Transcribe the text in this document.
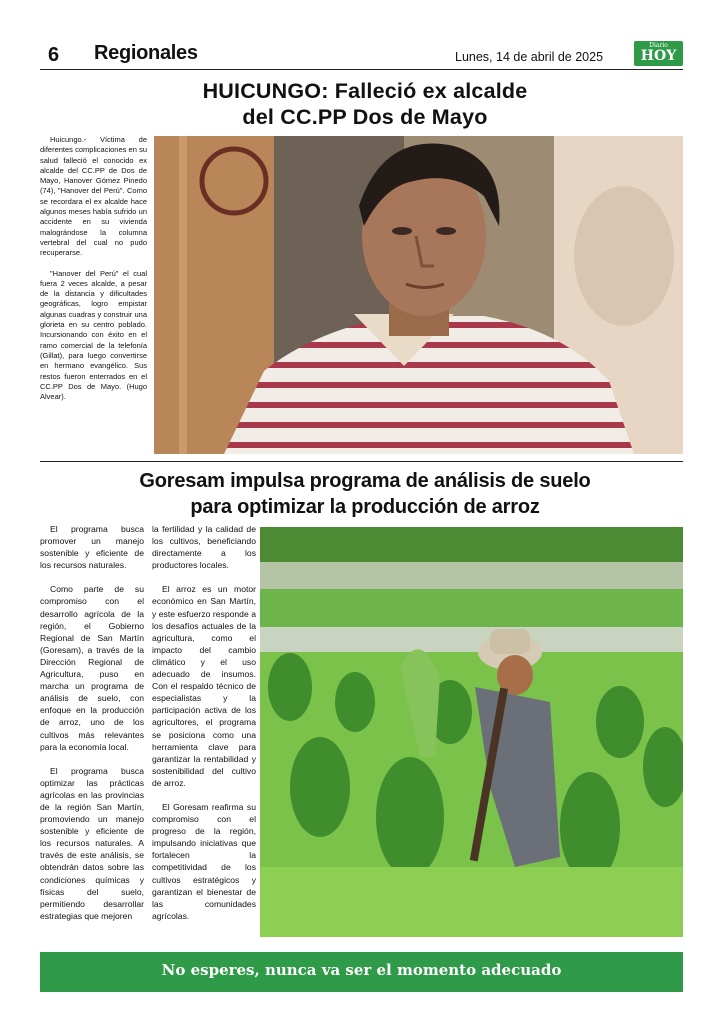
6 Regionales	Lunes, 14 de abril de 2025
Diario
HOY
HUICUNGO: Falleció ex alcalde
del CC.PP Dos de Mayo

Huicungo.- Víctima de diferentes complicaciones en su salud falleció el conocido ex alcalde del CC.PP de Dos de Mayo, Hanover Gómez Pinedo (74), "Hanover del Perú". Como se recordara el ex alcalde hace algunos meses había sufrido un accidente en su vivienda malográndose la columna vertebral del cual no pudo recuperarse.

"Hanover del Perú" el cual fuera 2 veces alcalde, a pesar de la distancia y dificultades geográficas, logro empistar algunas cuadras y construir una glorieta en su centro poblado. Incursionando con éxito en el ramo comercial de la telefonía (Gillat), para luego convertirse en hermano evangélico. Sus restos fueron enterrados en el CC.PP Dos de Mayo. (Hugo Alvear).

Goresam impulsa programa de análisis de suelo
para optimizar la producción de arroz

El programa busca promover un manejo sostenible y eficiente de los recursos naturales.

Como parte de su compromiso con el desarrollo agrícola de la región, el Gobierno Regional de San Martín (Goresam), a través de la Dirección Regional de Agricultura, puso en marcha un programa de análisis de suelo, con enfoque en la producción de arroz, uno de los cultivos más relevantes para la economía local.

El programa busca optimizar las prácticas agrícolas en las provincias de la región San Martín, promoviendo un manejo sostenible y eficiente de los recursos naturales. A través de este análisis, se obtendrán datos sobre las condiciones químicas y físicas del suelo, permitiendo desarrollar estrategias que mejoren

la fertilidad y la calidad de los cultivos, beneficiando directamente a los productores locales.

El arroz es un motor económico en San Martín, y este esfuerzo responde a los desafíos actuales de la agricultura, como el impacto del cambio climático y el uso adecuado de insumos. Con el respaldo técnico de especialistas y la participación activa de los agricultores, el programa se posiciona como una herramienta clave para garantizar la rentabilidad y sostenibilidad del cultivo de arroz.

El Goresam reafirma su compromiso con el progreso de la región, impulsando iniciativas que fortalecen la competitividad de los cultivos estratégicos y garantizan el bienestar de las comunidades agrícolas.

No esperes, nunca va ser el momento adecuado
